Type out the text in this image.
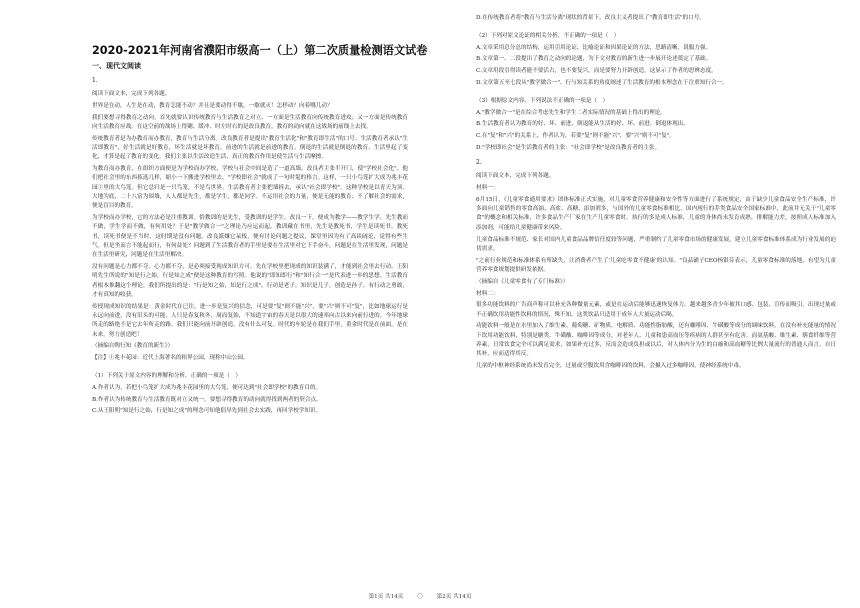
2020-2021年河南省濮阳市级高一（上）第二次质量检测语文试卷
一、现代文阅读
1.
阅读下面文本，完成下列各题。
世界是在动，人生是在动，教育怎能不动？并且是要动得不歇，一歇就灭！怎样动？向着哪儿动？
我们要想寻得教育之动向，首先就要认识传统教育与生活教育之对立。一方面是生活教育向传统教育进攻；又一方面是传统教育向生活教育应战。在这空前的战场上得剿、缓冲、时左时右的是改良教育。教育的动向就在这战场的前线上去找。
传统教育者是为办教育而办教育，教育与生活分离。改良教育者是提出"教育生活化"和"教育即生活"的口号。生活教育者承认"生活即教育"，好生活就是好教育，坏生活就是坏教育，前进的生活就是前进的教育，倒退的生活就是倒退的教育。生活里起了变化，才算是起了教育的变化。我们主张以生活改造生活，真正的教育作用是使生活与生活摩擦。
为教育而办教育，在组织方面便是为学校而办学校，学校与社会中间是造了一道高墙。改良者主张半开门，使"学校社会化"。他们把社会里的东西拣选几样，缩小一下搬进学校里去，"学校即社会"就成了一句时髦的格言。这样，一只小鸟笼扩大成为兆丰花园①里的大鸟笼。但它总归是一只鸟笼，不是鸟世界。生活教育者主张把墙拆去，承认"社会即学校"。这种学校是以青天为顶，大地为底，二十八宿为围墙，人人都是先生，都是学生，都是同学。不运用社会的力量，便是无能的教育；不了解社会的需求，便是盲目的教育。
为学校而办学校，它的方法必是注重教训。恰教训的是先生，受教训的是学生。改良一下，便成为教学——教学生学。先生教而不做，学生学而不做，有何用处？于是"教学做合一"之理论乃应运而起。教训藏在书里，先生是教死书，学生是读死书。教死书，读死书便是不当时，这时期是没有问题。改良派嫌它呆板，便有讨论问题之提议，课堂里因为有了高谈阔论，觉得有些生气。但是坐而言不能起而行，有何益处？问题到了生活教育者的手里是要在生活里对它下手奋斗，问题是在生活里发现，问题是在生活里研究，问题是在生活里解决。
没有问题是心力都不夺。心力都不夺，是必须接受现成知识方可。先在学校里把现成的知识装满了，才能到社会里去行动。王阳明先生所说的"知是行之始，行是知之成"便是这种教育的写照。他说的"即知即行"和"知行合一"是代表进一步的思想。生活教育者根本推翻这个理论。我们所提出的是："行是知之始，知是行之成"。行动是老子，知识是儿子，创造是孙子。有行动之勇敢，才有真知的收获。
传授现成知识的结果是：黄金时代在已往，进一步是复兴的信念，可是要"复"则不能"兴"，要"兴"则不可"复"，比如地球运行是永远向前进，没有旧头的可能。人只是春复秋冬，周而复始，不知道宇宙的春天是以很大的速率向古以来向前行进的。今年地球所走的路绝不是它去年所走的路。我们只能向前开辟创造，没有什么可复。时代的车轮是在我们手里，黄金时代是在前面，是在未来。努力创造吧！
（摘编自陶行知《教育的新生》）
【注】①兆丰花园：近代上海著名的租界公园，现称中山公园。
（1）下列关于原文内容的理解和分析，正确的一项是（　）
A.作者认为，若把小鸟笼扩大成为兆丰花园里的大鸟笼，便可达到"社会即学校"的教育目的。
B.作者认为传统教育与生活教育既对立又统一，要想寻得教育的动向就得找到两者的契合点。
C.从王阳明"知是行之始，行是知之成"的理念可知他倡导先到社会去实践，再回学校学知识。
D.在传统教育者将"教育与生活分离"现状的背景下，改良主义者提出了"教育即生活"的口号。
（2）下列对原文论证的相关分析，不正确的一项是（　）
A.文章采用总分总的结构，运用引用论证、比喻论证和因果论证的方法，思路清晰，说服力强。
B.文章第一、二段提出了教育之动向的论题，为下文对教育的新生进一步展开论述奠定了基础。
C.文章用段引得读者能不要活占，也不要复兴，而是要努力开辟创造，这显示了作者的思辨态度。
D.文章第五至七段从"教学做合一"、行与知关系的角度阐述了生活教育的根本理念在于注重知行合一。
（3）根据原文内容，下列说法不正确的一项是（　）
A."教学做合一"是在综合考虑先生和学生二者实际情况的基础上得出的理论。
B.生活教育者认为教育的好、坏、前进、倒退能从生活的好、坏、前进、倒退体现出。
C.在"复"和"兴"的关系上，作者认为，若要"复"则不能"兴"，要"兴"则不可"复"。
D."学校即社会"是生活教育者的主张："社会即学校"是改良教育者的主张。
2.
阅读下面文本，完成下列各题。
材料一：
6月15日，《儿童零食通用要求》团体标准正式实施，对儿童零食营养健康和安全性等方面进行了系统规定，由于缺少儿童食品安全生产标准，许多面向儿童销售的零食高油、高盐、高糖、添加剂多，与国外的儿童零食标准相比，国内现行的乔类食品安全国家标准中，此前并无关于"儿童零食"的概念和相关标准，许多食品生产厂家在生产儿童零食时，执行的多是成人标准，儿童的身体尚未发育成熟，排解能力差，按照成人标准加入添加剂，可能给儿童健康带来风险。
儿童食品标准不规范、家长对国内儿童食品品牌信任度较等问题，严重制约了儿童零食市场的健康发展，建立儿童零食标准体系成为行业发展的迫切需求。
"之前行业规范和标准体系有所缺失，让消费者产生了'儿童吃零食不健康'的认知。"良品铺子CEO杨银芬表示，儿童零食标准的落地，有望为儿童营养零食规划提供研发依据。
（摘编自《儿童零食有了专门标准》）
材料二：
很多功能饮料的广告商声称可以补充各种微量元素，或是在运动后能够迅速恢复体力。越来越多青少年被其口感、包装、宣传而吸引，出现过量或不正确饮用功能性饮料的情况，殊不知，这类饮品只适用于成年人大量运动后喝。
功能饮料一般是在水里加入了维生素、葡萄糖、矿物质、电解质、功能性脂肪酸，还有咖啡因、牛磺酸等成分的调味饮料，在没有补充能量的情况下饮用功能饮料，特别是糖类、牛磺酸、咖啡因等成分，对老年人、儿童和患高血压等疾病的人群甚至有危害。而氨基酸、维生素、膳食纤维等营养素，日常饮食完全可以满足需求，如果补充过多，反而会造成负担或以后，对人体内分为生的白痂和高血糖等比例大量流行的普通人而言，自日其补，应而适得其反。
儿童的中枢神经系统尚未发育完全，过量或空腹饮用含咖啡因的饮料，会摄入过多咖啡因，使神经系统中毒。
第1页 共14页 〇 第2页 共14页
